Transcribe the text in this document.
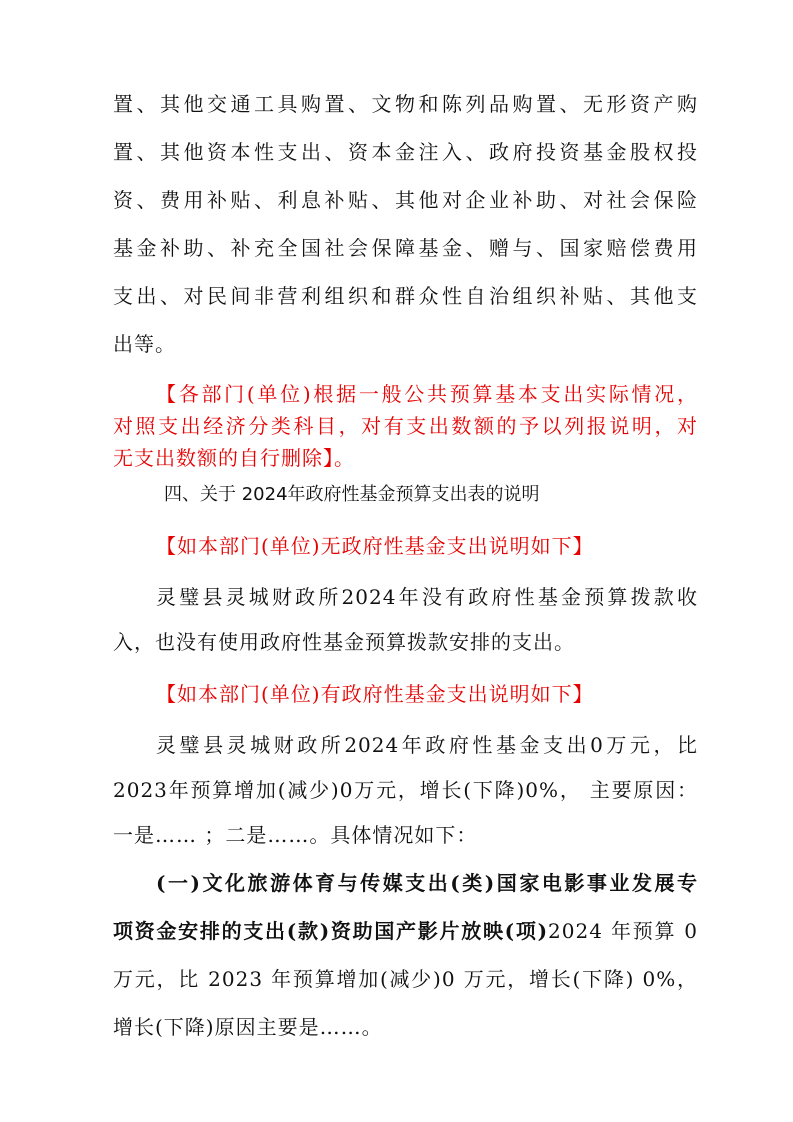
置、其他交通工具购置、文物和陈列品购置、无形资产购
置、其他资本性支出、资本金注入、政府投资基金股权投
资、费用补贴、利息补贴、其他对企业补助、对社会保险
基金补助、补充全国社会保障基金、赠与、国家赔偿费用
支出、对民间非营利组织和群众性自治组织补贴、其他支
出等。
【各部门(单位)根据一般公共预算基本支出实际情况，
对照支出经济分类科目，对有支出数额的予以列报说明，对
无支出数额的自行删除】。
四、关于 2024年政府性基金预算支出表的说明
【如本部门(单位)无政府性基金支出说明如下】
灵璧县灵城财政所2024年没有政府性基金预算拨款收
入，也没有使用政府性基金预算拨款安排的支出。
【如本部门(单位)有政府性基金支出说明如下】
灵璧县灵城财政所2024年政府性基金支出0万元，比
2023年预算增加(减少)0万元，增长(下降)0%， 主要原因：
一是…… ；二是……。具体情况如下：
(一)文化旅游体育与传媒支出(类)国家电影事业发展专
项资金安排的支出(款)资助国产影片放映(项)2024 年预算 0
万元，比 2023 年预算增加(减少)0 万元，增长(下降) 0%，
增长(下降)原因主要是……。
